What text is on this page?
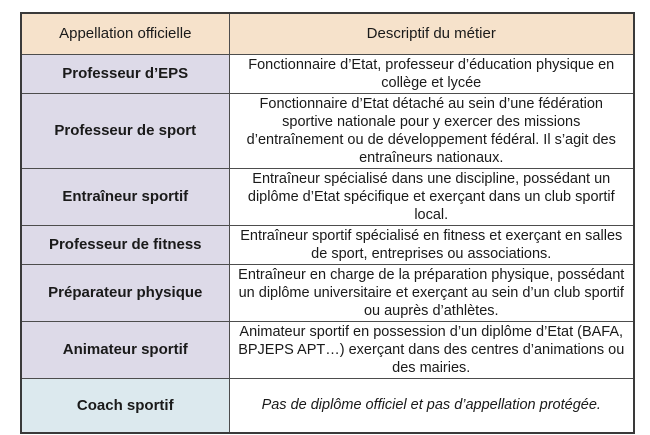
Appellation officielle	Descriptif du métier
Professeur d’EPS	Fonctionnaire d’Etat, professeur d’éducation physique en collège et lycée
Professeur de sport	Fonctionnaire d’Etat détaché au sein d’une fédération sportive nationale pour y exercer des missions d’entraînement ou de développement fédéral. Il s’agit des entraîneurs nationaux.
Entraîneur sportif	Entraîneur spécialisé dans une discipline, possédant un diplôme d’Etat spécifique et exerçant dans un club sportif local.
Professeur de fitness	Entraîneur sportif spécialisé en fitness et exerçant en salles de sport, entreprises ou associations.
Préparateur physique	Entraîneur en charge de la préparation physique, possédant un diplôme universitaire et exerçant au sein d’un club sportif ou auprès d’athlètes.
Animateur sportif	Animateur sportif en possession d’un diplôme d’Etat (BAFA, BPJEPS APT…) exerçant dans des centres d’animations ou des mairies.
Coach sportif	Pas de diplôme officiel et pas d’appellation protégée.
